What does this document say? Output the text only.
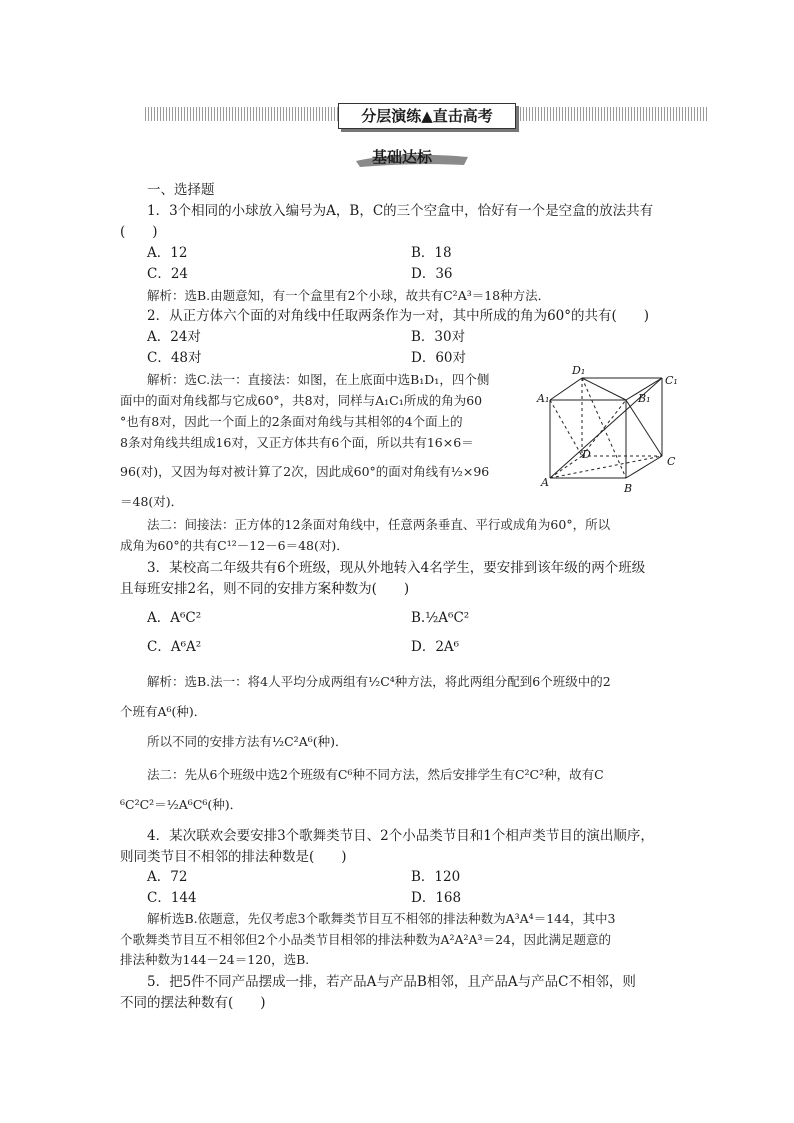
分层演练▲直击高考
基础达标
一、选择题
1．3个相同的小球放入编号为A，B，C的三个空盒中，恰好有一个是空盒的放法共有
(　　)
A．12	B．18
C．24	D．36
解析：选B.由题意知，有一个盒里有2个小球，故共有C²A³＝18种方法．
2．从正方体六个面的对角线中任取两条作为一对，其中所成的角为60°的共有(　　)
A．24对	B．30对
C．48对	D．60对
解析：选C.法一：直接法：如图，在上底面中选B₁D₁，四个侧
面中的面对角线都与它成60°，共8对，同样与A₁C₁所成的角为60
°也有8对，因此一个面上的2条面对角线与其相邻的4个面上的
8条对角线共组成16对，又正方体共有6个面，所以共有16×6＝
96(对)，又因为每对被计算了2次，因此成60°的面对角线有½×96
＝48(对)．
法二：间接法：正方体的12条面对角线中，任意两条垂直、平行或成角为60°，所以
成角为60°的共有C¹²－12－6＝48(对)．
3．某校高二年级共有6个班级，现从外地转入4名学生，要安排到该年级的两个班级
且每班安排2名，则不同的安排方案种数为(　　)
A．A⁶C²	B.½A⁶C²
C．A⁶A²	D．2A⁶
解析：选B.法一：将4人平均分成两组有½C⁴种方法，将此两组分配到6个班级中的2
个班有A⁶(种)．
所以不同的安排方法有½C²A⁶(种)．
法二：先从6个班级中选2个班级有C⁶种不同方法，然后安排学生有C²C²种，故有C
⁶C²C²＝½A⁶C⁶(种)．
4．某次联欢会要安排3个歌舞类节目、2个小品类节目和1个相声类节目的演出顺序，
则同类节目不相邻的排法种数是(　　)
A．72	B．120
C．144	D．168
解析选B.依题意，先仅考虑3个歌舞类节目互不相邻的排法种数为A³A⁴＝144，其中3
个歌舞类节目互不相邻但2个小品类节目相邻的排法种数为A²A²A³＝24，因此满足题意的
排法种数为144－24＝120，选B.
5．把5件不同产品摆成一排，若产品A与产品B相邻，且产品A与产品C不相邻，则
不同的摆法种数有(　　)
D₁
C₁
A₁	B₁
D
C
A	B
